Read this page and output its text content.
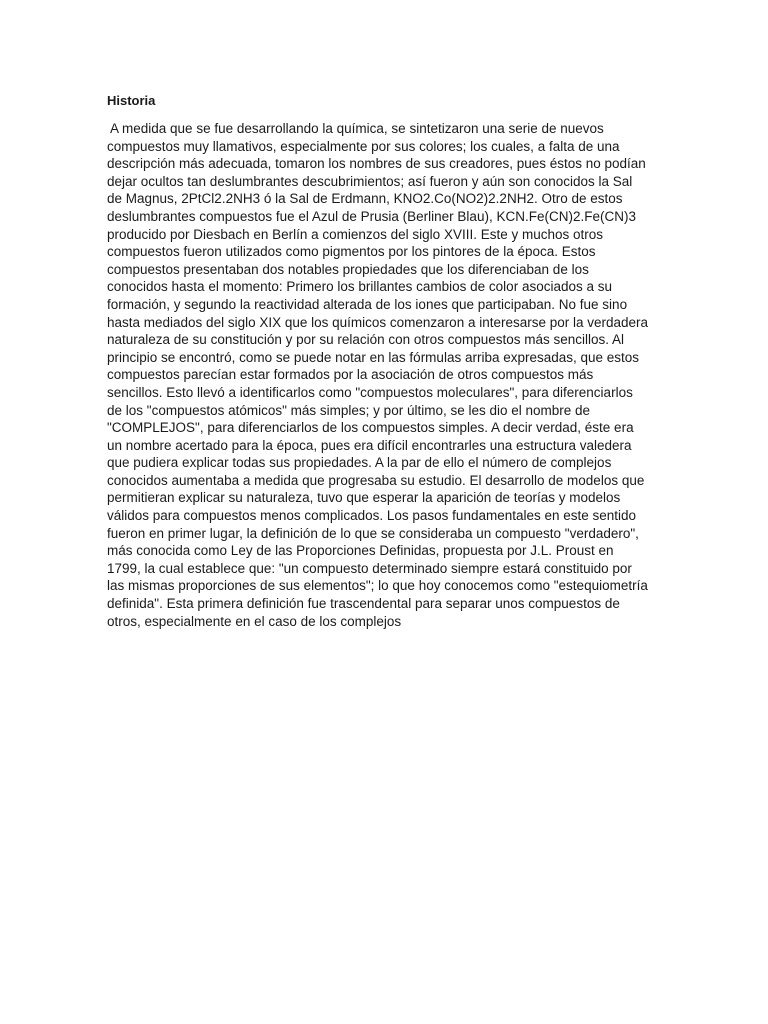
Historia
A medida que se fue desarrollando la química, se sintetizaron una serie de nuevos
compuestos muy llamativos, especialmente por sus colores; los cuales, a falta de una
descripción más adecuada, tomaron los nombres de sus creadores, pues éstos no podían
dejar ocultos tan deslumbrantes descubrimientos; así fueron y aún son conocidos la Sal
de Magnus, 2PtCl2.2NH3 ó la Sal de Erdmann, KNO2.Co(NO2)2.2NH2. Otro de estos
deslumbrantes compuestos fue el Azul de Prusia (Berliner Blau), KCN.Fe(CN)2.Fe(CN)3
producido por Diesbach en Berlín a comienzos del siglo XVIII. Este y muchos otros
compuestos fueron utilizados como pigmentos por los pintores de la época. Estos
compuestos presentaban dos notables propiedades que los diferenciaban de los
conocidos hasta el momento: Primero los brillantes cambios de color asociados a su
formación, y segundo la reactividad alterada de los iones que participaban. No fue sino
hasta mediados del siglo XIX que los químicos comenzaron a interesarse por la verdadera
naturaleza de su constitución y por su relación con otros compuestos más sencillos. Al
principio se encontró, como se puede notar en las fórmulas arriba expresadas, que estos
compuestos parecían estar formados por la asociación de otros compuestos más
sencillos. Esto llevó a identificarlos como "compuestos moleculares", para diferenciarlos
de los "compuestos atómicos" más simples; y por último, se les dio el nombre de
"COMPLEJOS", para diferenciarlos de los compuestos simples. A decir verdad, éste era
un nombre acertado para la época, pues era difícil encontrarles una estructura valedera
que pudiera explicar todas sus propiedades. A la par de ello el número de complejos
conocidos aumentaba a medida que progresaba su estudio. El desarrollo de modelos que
permitieran explicar su naturaleza, tuvo que esperar la aparición de teorías y modelos
válidos para compuestos menos complicados. Los pasos fundamentales en este sentido
fueron en primer lugar, la definición de lo que se consideraba un compuesto "verdadero",
más conocida como Ley de las Proporciones Definidas, propuesta por J.L. Proust en
1799, la cual establece que: "un compuesto determinado siempre estará constituido por
las mismas proporciones de sus elementos"; lo que hoy conocemos como "estequiometría
definida". Esta primera definición fue trascendental para separar unos compuestos de
otros, especialmente en el caso de los complejos
